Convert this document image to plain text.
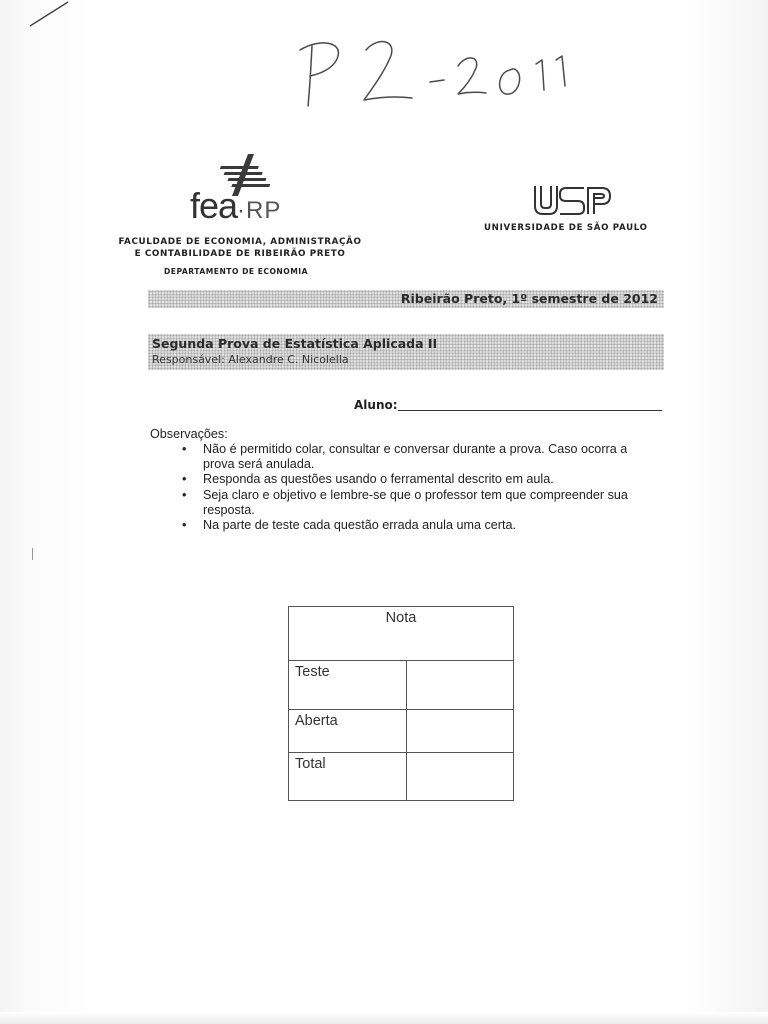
fea·RP
FACULDADE DE ECONOMIA, ADMINISTRAÇÃO
E CONTABILIDADE DE RIBEIRÃO PRETO
DEPARTAMENTO DE ECONOMIA
UNIVERSIDADE DE SÃO PAULO
Ribeirão Preto, 1º semestre de 2012
Segunda Prova de Estatística Aplicada II
Responsável: Alexandre C. Nicolella
Aluno:
Observações:
• Não é permitido colar, consultar e conversar durante a prova. Caso ocorra a prova será anulada.
• Responda as questões usando o ferramental descrito em aula.
• Seja claro e objetivo e lembre-se que o professor tem que compreender sua resposta.
• Na parte de teste cada questão errada anula uma certa.
Nota	
Teste	
Aberta	
Total	
